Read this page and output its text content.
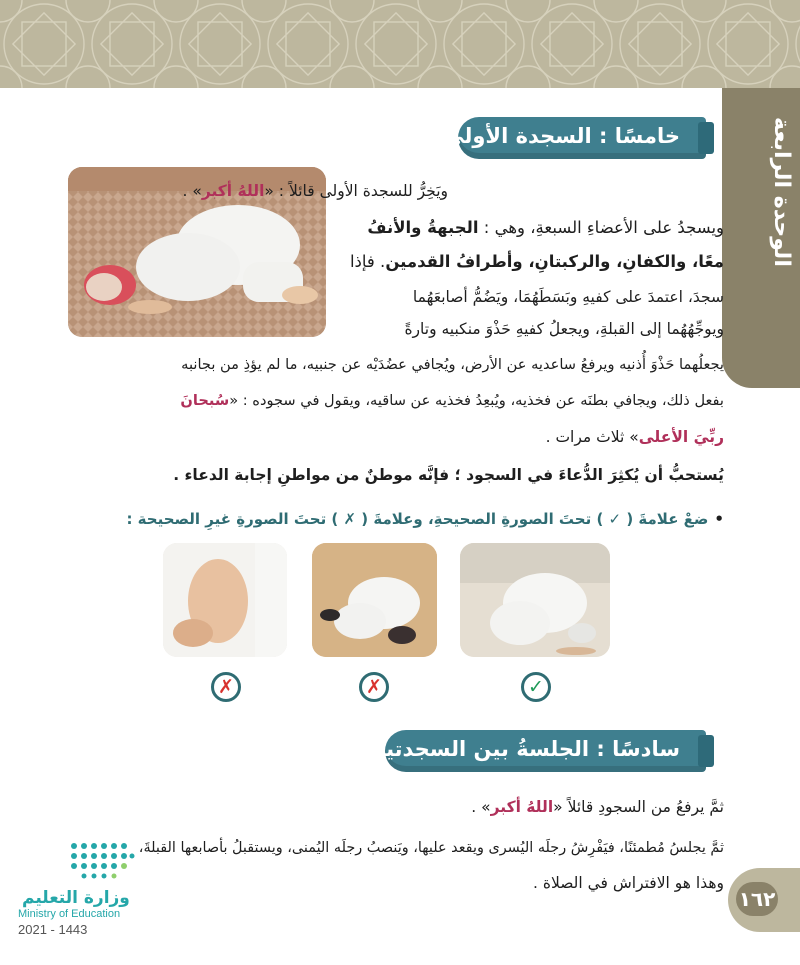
الوحدة الرابعة
خامسًا : السجدة الأولى
ويَخِرُّ للسجدة الأولى قائلاً : «اللهُ أكبر» .
ويسجدُ على الأعضاءِ السبعةِ، وهي : الجبهةُ والأنفُ
معًا، والكفانِ، والركبتانِ، وأطرافُ القدمين. فإذا
سجدَ، اعتمدَ على كفيهِ وبَسَطَهُمَا، ويَضُمُّ أصابعَهُما
ويوجِّهُهُما إلى القبلةِ، ويجعلُ كفيهِ حَذْوَ منكبيه وتارةً
يجعلُهما حَذْوَ أُذنيه ويرفعُ ساعديه عن الأرض، ويُجافي عضُدَيْه عن جنبيه، ما لم يؤذِ من بجانبه
بفعل ذلك، ويجافي بطنَه عن فخذيه، ويُبعِدُ فخذيه عن ساقيه، ويقول في سجوده : «سُبحانَ
ربِّيَ الأعلى» ثلاث مرات .
يُستحبُّ أن يُكثِرَ الدُّعاءَ في السجود ؛ فإنَّه موطنٌ من مواطنِ إجابة الدعاء .
•ضعْ علامةَ ( ✓ ) تحتَ الصورةِ الصحيحةِ، وعلامةَ ( ✗ ) تحتَ الصورةِ غيرِ الصحيحة :
✓
✗
✗
سادسًا : الجلسةُ بين السجدتين
ثمَّ يرفعُ من السجودِ قائلاً «اللهُ أكبر» .
ثمَّ يجلسُ مُطمئنًا، فيَفْرِشُ رجلَه اليُسرى ويقعد عليها، ويَنصبُ رجلَه اليُمنى، ويستقبلُ بأصابعها القبلةَ،
وهذا هو الافتراش في الصلاة .
١٦٢
وزارة التعليم
Ministry of Education
2021 - 1443
